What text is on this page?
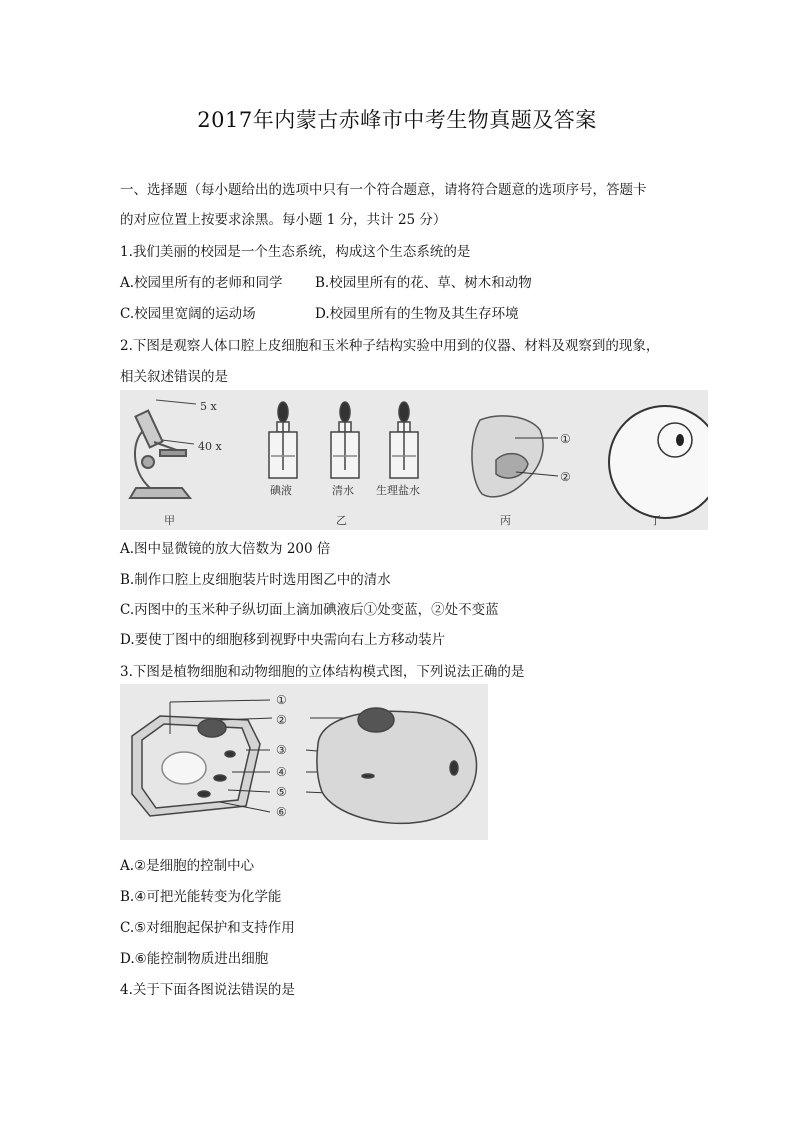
2017年内蒙古赤峰市中考生物真题及答案
一、选择题（每小题给出的选项中只有一个符合题意，请将符合题意的选项序号，答题卡
的对应位置上按要求涂黑。每小题 1 分，共计 25 分）
1.我们美丽的校园是一个生态系统，构成这个生态系统的是
A.校园里所有的老师和同学 B.校园里所有的花、草、树木和动物
C.校园里宽阔的运动场	D.校园里所有的生物及其生存环境
2.下图是观察人体口腔上皮细胞和玉米种子结构实验中用到的仪器、材料及观察到的现象，
相关叙述错误的是
5 x
40 x
碘液	清水 生理盐水
①
②
甲	乙	丙	丁
A.图中显微镜的放大倍数为 200 倍
B.制作口腔上皮细胞装片时选用图乙中的清水
C.丙图中的玉米种子纵切面上滴加碘液后①处变蓝，②处不变蓝
D.要使丁图中的细胞移到视野中央需向右上方移动装片
3.下图是植物细胞和动物细胞的立体结构模式图，下列说法正确的是
①
②
③
④
⑤
⑥
A.②是细胞的控制中心
B.④可把光能转变为化学能
C.⑤对细胞起保护和支持作用
D.⑥能控制物质进出细胞
4.关于下面各图说法错误的是
